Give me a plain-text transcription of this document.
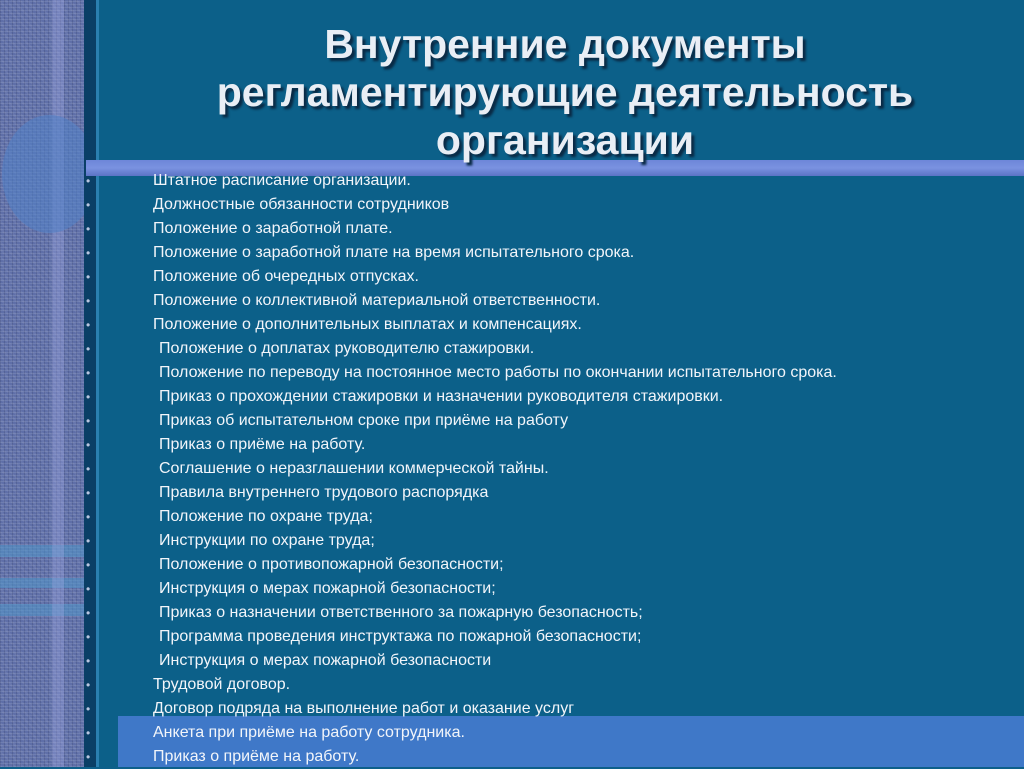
Внутренние документы
регламентирующие деятельность
организации
•	Штатное расписание организации.
•	Должностные обязанности сотрудников
•	Положение о заработной плате.
•	Положение о заработной плате на время испытательного срока.
•	Положение об очередных отпусках.
•	Положение о коллективной материальной ответственности.
•	Положение о дополнительных выплатах и компенсациях.
•	Положение о доплатах руководителю стажировки.
•	Положение по переводу на постоянное место работы по окончании испытательного срока.
•	Приказ о прохождении стажировки и назначении руководителя стажировки.
•	Приказ об испытательном сроке при приёме на работу
•	Приказ о приёме на работу.
•	Соглашение о неразглашении коммерческой тайны.
•	Правила внутреннего трудового распорядка
•	Положение по охране труда;
•	Инструкции по охране труда;
•	Положение о противопожарной безопасности;
•	Инструкция о мерах пожарной безопасности;
•	Приказ о назначении ответственного за пожарную безопасность;
•	Программа проведения инструктажа по пожарной безопасности;
•	Инструкция о мерах пожарной безопасности
•	Трудовой договор.
•	Договор подряда на выполнение работ и оказание услуг
•	Анкета при приёме на работу сотрудника.
•	Приказ о приёме на работу.
